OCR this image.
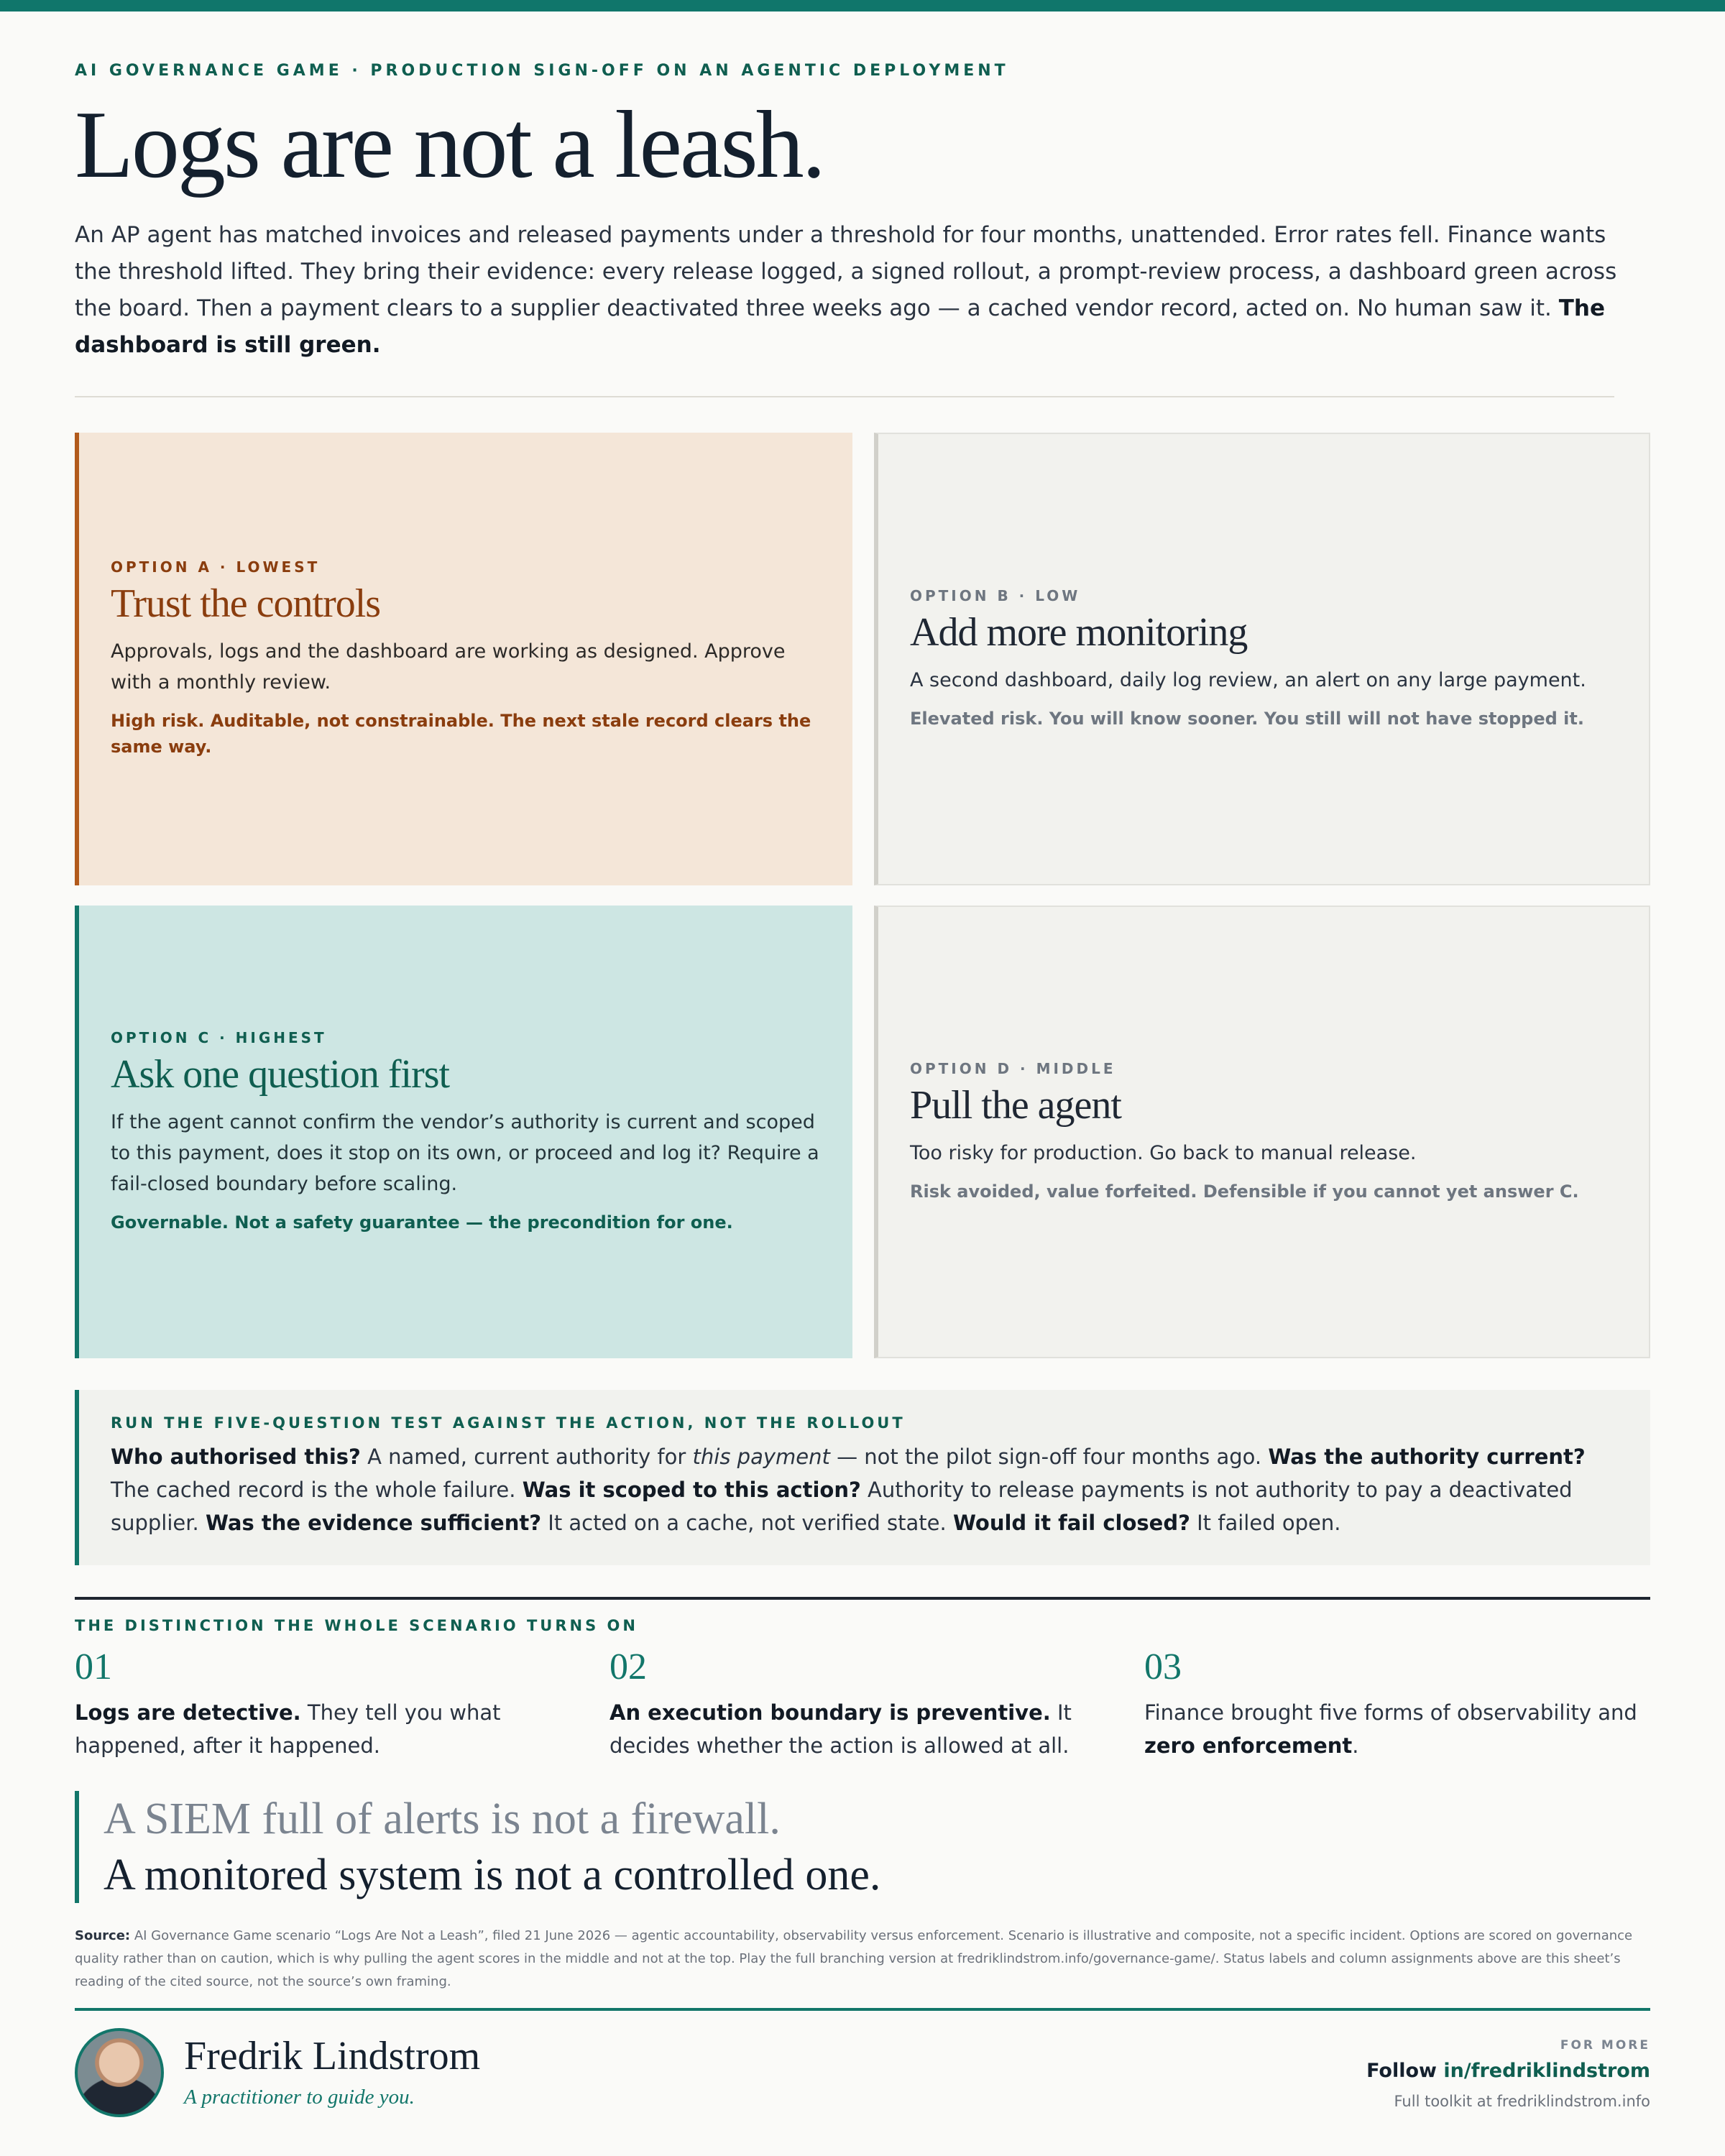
AI GOVERNANCE GAME · PRODUCTION SIGN-OFF ON AN AGENTIC DEPLOYMENT
Logs are not a leash.

An AP agent has matched invoices and released payments under a threshold for four months, unattended. Error rates fell. Finance wants the threshold lifted. They bring their evidence: every release logged, a signed rollout, a prompt-review process, a dashboard green across the board. Then a payment clears to a supplier deactivated three weeks ago — a cached vendor record, acted on. No human saw it. The dashboard is still green.

OPTION A · LOWEST
Trust the controls
Approvals, logs and the dashboard are working as designed. Approve with a monthly review.
High risk. Auditable, not constrainable. The next stale record clears the same way.
OPTION B · LOW
Add more monitoring
A second dashboard, daily log review, an alert on any large payment.
Elevated risk. You will know sooner. You still will not have stopped it.
OPTION C · HIGHEST
Ask one question first
If the agent cannot confirm the vendor’s authority is current and scoped to this payment, does it stop on its own, or proceed and log it? Require a fail-closed boundary before scaling.
Governable. Not a safety guarantee — the precondition for one.
OPTION D · MIDDLE
Pull the agent
Too risky for production. Go back to manual release.
Risk avoided, value forfeited. Defensible if you cannot yet answer C.
RUN THE FIVE-QUESTION TEST AGAINST THE ACTION, NOT THE ROLLOUT
Who authorised this? A named, current authority for this payment — not the pilot sign-off four months ago. Was the authority current? The cached record is the whole failure. Was it scoped to this action? Authority to release payments is not authority to pay a deactivated supplier. Was the evidence sufficient? It acted on a cache, not verified state. Would it fail closed? It failed open.
THE DISTINCTION THE WHOLE SCENARIO TURNS ON
01
Logs are detective. They tell you what happened, after it happened.
02
An execution boundary is preventive. It decides whether the action is allowed at all.
03
Finance brought five forms of observability and zero enforcement.
A SIEM full of alerts is not a firewall.
A monitored system is not a controlled one.
Source: AI Governance Game scenario “Logs Are Not a Leash”, filed 21 June 2026 — agentic accountability, observability versus enforcement. Scenario is illustrative and composite, not a specific incident. Options are scored on governance quality rather than on caution, which is why pulling the agent scores in the middle and not at the top. Play the full branching version at fredriklindstrom.info/governance-game/. Status labels and column assignments above are this sheet’s reading of the cited source, not the source’s own framing.
Fredrik Lindstrom
A practitioner to guide you.
FOR MORE
Follow in/fredriklindstrom
Full toolkit at fredriklindstrom.info
